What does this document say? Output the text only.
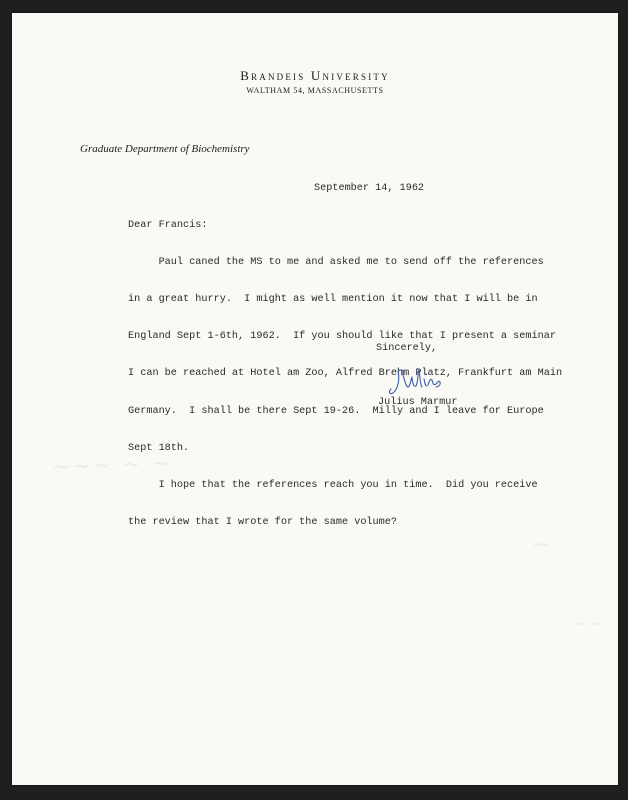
~~~ ~ ~
~
~~
Brandeis University
WALTHAM 54, MASSACHUSETTS
Graduate Department of Biochemistry
September 14, 1962
Dear Francis:

Paul caned the MS to me and asked me to send off the references

in a great hurry.  I might as well mention it now that I will be in

England Sept 1-6th, 1962.  If you should like that I present a seminar

I can be reached at Hotel am Zoo, Alfred Brehm Platz, Frankfurt am Main

Germany.  I shall be there Sept 19-26.  Milly and I leave for Europe

Sept 18th.

I hope that the references reach you in time.  Did you receive

the review that I wrote for the same volume?

Sincerely,
Julius Marmur
